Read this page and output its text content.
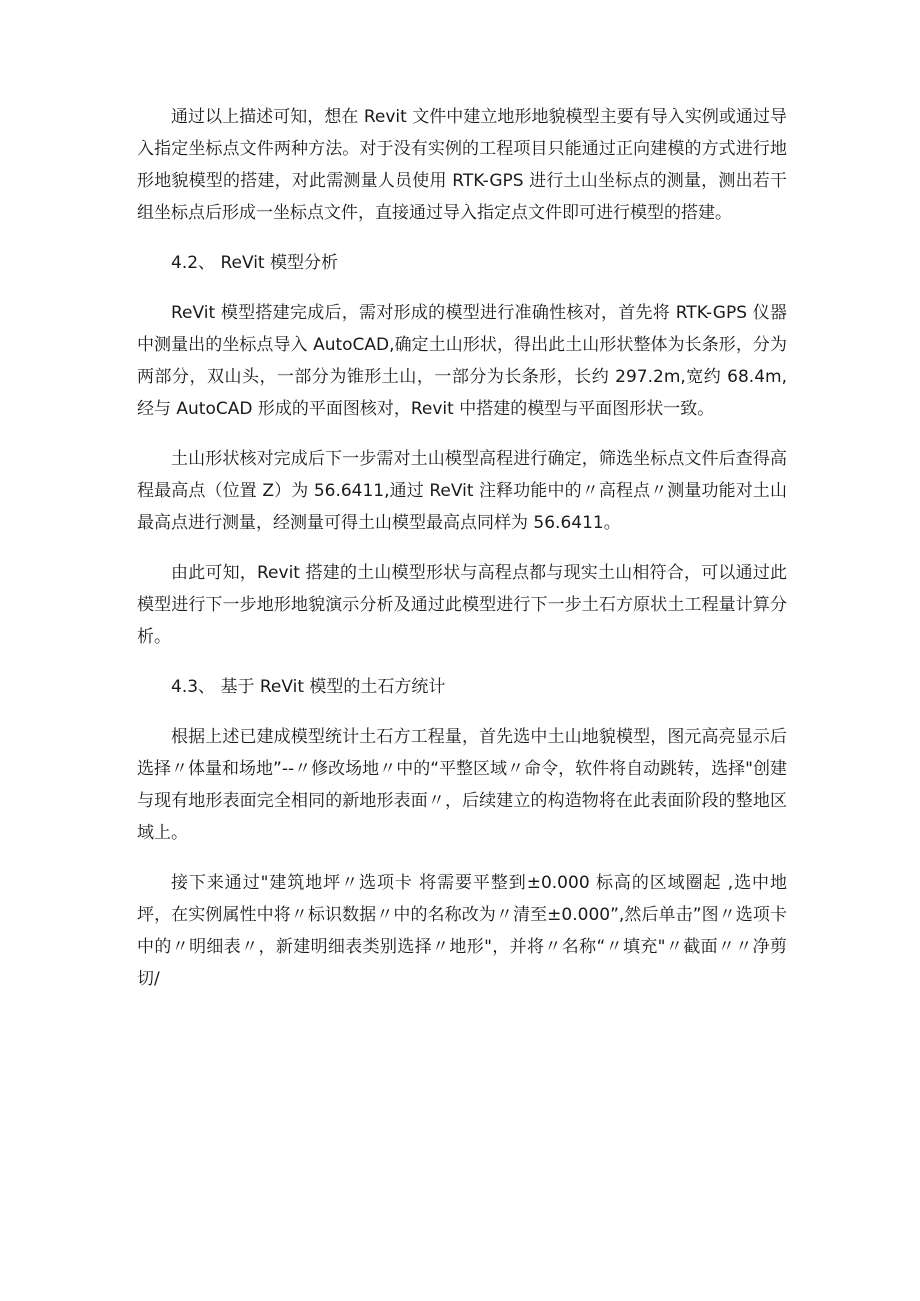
通过以上描述可知，想在 Revit 文件中建立地形地貌模型主要有导入实例或通过导入指定坐标点文件两种方法。对于没有实例的工程项目只能通过正向建模的方式进行地形地貌模型的搭建，对此需测量人员使用 RTK-GPS 进行土山坐标点的测量，测出若干组坐标点后形成一坐标点文件，直接通过导入指定点文件即可进行模型的搭建。

4.2、 ReVit 模型分析

ReVit 模型搭建完成后，需对形成的模型进行准确性核对，首先将 RTK-GPS 仪器中测量出的坐标点导入 AutoCAD,确定土山形状，得出此土山形状整体为长条形，分为两部分，双山头，一部分为锥形土山，一部分为长条形，长约 297.2m,宽约 68.4m,经与 AutoCAD 形成的平面图核对，Revit 中搭建的模型与平面图形状一致。

土山形状核对完成后下一步需对土山模型高程进行确定，筛选坐标点文件后查得高程最高点（位置 Z）为 56.6411,通过 ReVit 注释功能中的〃高程点〃测量功能对土山最高点进行测量，经测量可得土山模型最高点同样为 56.6411。

由此可知，Revit 搭建的土山模型形状与高程点都与现实土山相符合，可以通过此模型进行下一步地形地貌演示分析及通过此模型进行下一步土石方原状土工程量计算分析。

4.3、 基于 ReVit 模型的土石方统计

根据上述已建成模型统计土石方工程量，首先选中土山地貌模型，图元高亮显示后选择〃体量和场地”--〃修改场地〃中的“平整区域〃命令，软件将自动跳转，选择"创建与现有地形表面完全相同的新地形表面〃，后续建立的构造物将在此表面阶段的整地区域上。

接下来通过"建筑地坪〃选项卡 将需要平整到±0.000 标高的区域圈起 ,选中地坪，在实例属性中将〃标识数据〃中的名称改为〃清至±0.000”,然后单击”图〃选项卡中的〃明细表〃，新建明细表类别选择〃地形"，并将〃名称“〃填充"〃截面〃〃净剪切/
